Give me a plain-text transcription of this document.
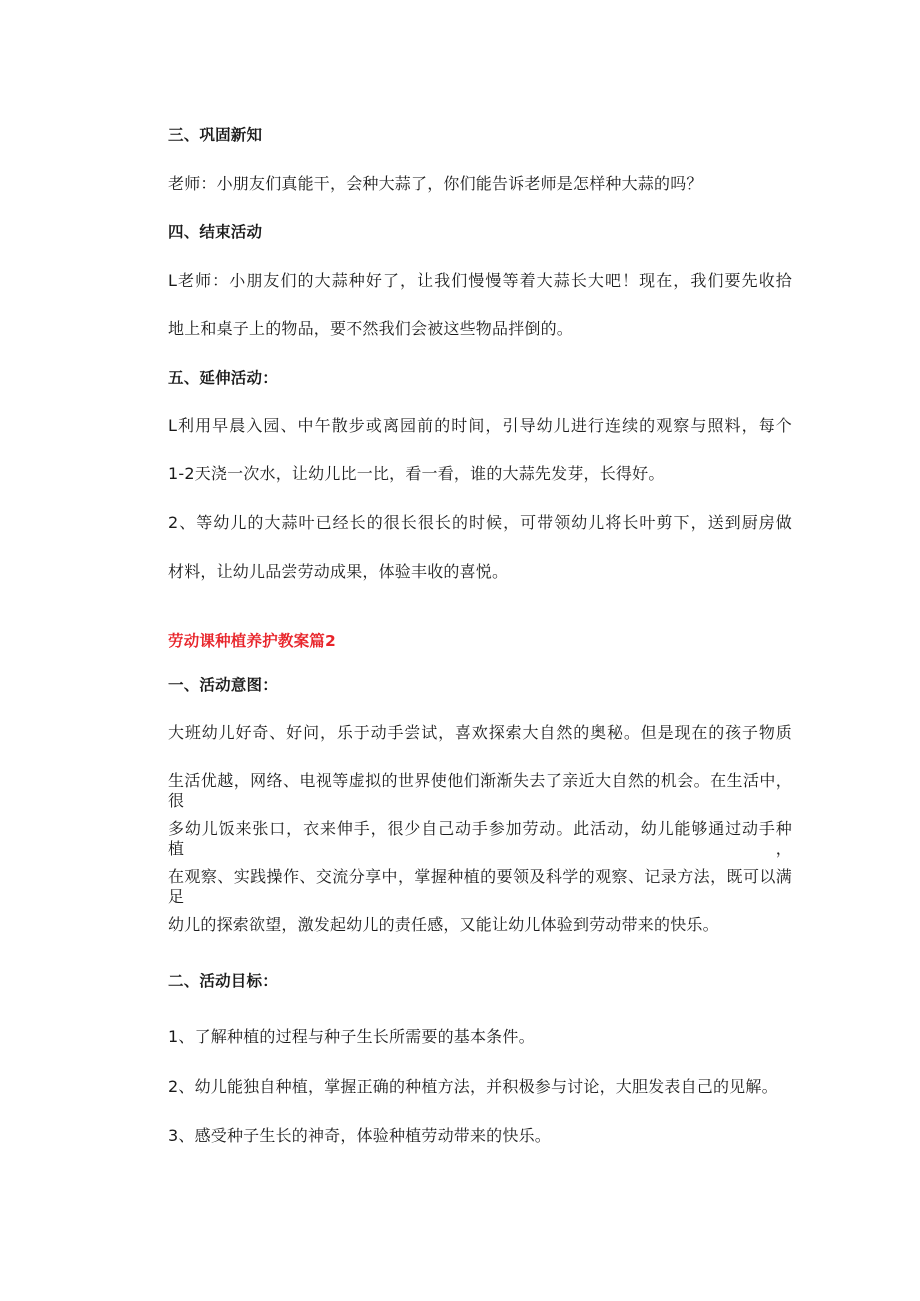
三、巩固新知
老师：小朋友们真能干，会种大蒜了，你们能告诉老师是怎样种大蒜的吗？
四、结束活动
L老师：小朋友们的大蒜种好了，让我们慢慢等着大蒜长大吧！现在，我们要先收拾
地上和桌子上的物品，要不然我们会被这些物品拌倒的。
五、延伸活动：
L利用早晨入园、中午散步或离园前的时间，引导幼儿进行连续的观察与照料，每个
1-2天浇一次水，让幼儿比一比，看一看，谁的大蒜先发芽，长得好。
2、等幼儿的大蒜叶已经长的很长很长的时候，可带领幼儿将长叶剪下，送到厨房做
材料，让幼儿品尝劳动成果，体验丰收的喜悦。
劳动课种植养护教案篇2
一、活动意图：
大班幼儿好奇、好问，乐于动手尝试，喜欢探索大自然的奥秘。但是现在的孩子物质
生活优越，网络、电视等虚拟的世界使他们渐渐失去了亲近大自然的机会。在生活中，很
多幼儿饭来张口，衣来伸手，很少自己动手参加劳动。此活动，幼儿能够通过动手种植，
在观察、实践操作、交流分享中，掌握种植的要领及科学的观察、记录方法，既可以满足
幼儿的探索欲望，激发起幼儿的责任感，又能让幼儿体验到劳动带来的快乐。
二、活动目标：
1、了解种植的过程与种子生长所需要的基本条件。
2、幼儿能独自种植，掌握正确的种植方法，并积极参与讨论，大胆发表自己的见解。
3、感受种子生长的神奇，体验种植劳动带来的快乐。
